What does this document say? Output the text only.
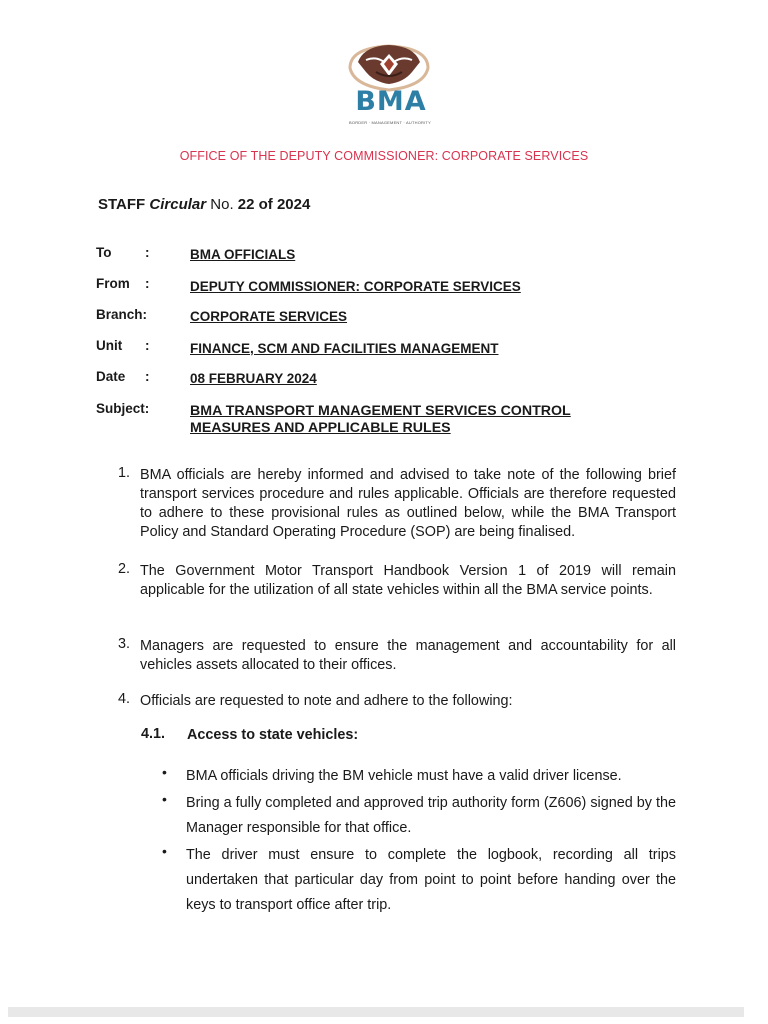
BMA
BORDER · MANAGEMENT · AUTHORITY
OFFICE OF THE DEPUTY COMMISSIONER: CORPORATE SERVICES
STAFF Circular No. 22 of 2024
To :	BMA OFFICIALS
From :	DEPUTY COMMISSIONER: CORPORATE SERVICES
Branch:	CORPORATE SERVICES
Unit :	FINANCE, SCM AND FACILITIES MANAGEMENT
Date :	08 FEBRUARY 2024
Subject:	BMA TRANSPORT MANAGEMENT SERVICES CONTROL
MEASURES AND APPLICABLE RULES
1. BMA officials are hereby informed and advised to take note of the following brief transport services procedure and rules applicable. Officials are therefore requested to adhere to these provisional rules as outlined below, while the BMA Transport Policy and Standard Operating Procedure (SOP) are being finalised.
2. The Government Motor Transport Handbook Version 1 of 2019 will remain applicable for the utilization of all state vehicles within all the BMA service points.
3. Managers are requested to ensure the management and accountability for all vehicles assets allocated to their offices.
4. Officials are requested to note and adhere to the following:
4.1. Access to state vehicles:
• BMA officials driving the BM vehicle must have a valid driver license.
• Bring a fully completed and approved trip authority form (Z606) signed by the Manager responsible for that office.
• The driver must ensure to complete the logbook, recording all trips undertaken that particular day from point to point before handing over the keys to transport office after trip.
